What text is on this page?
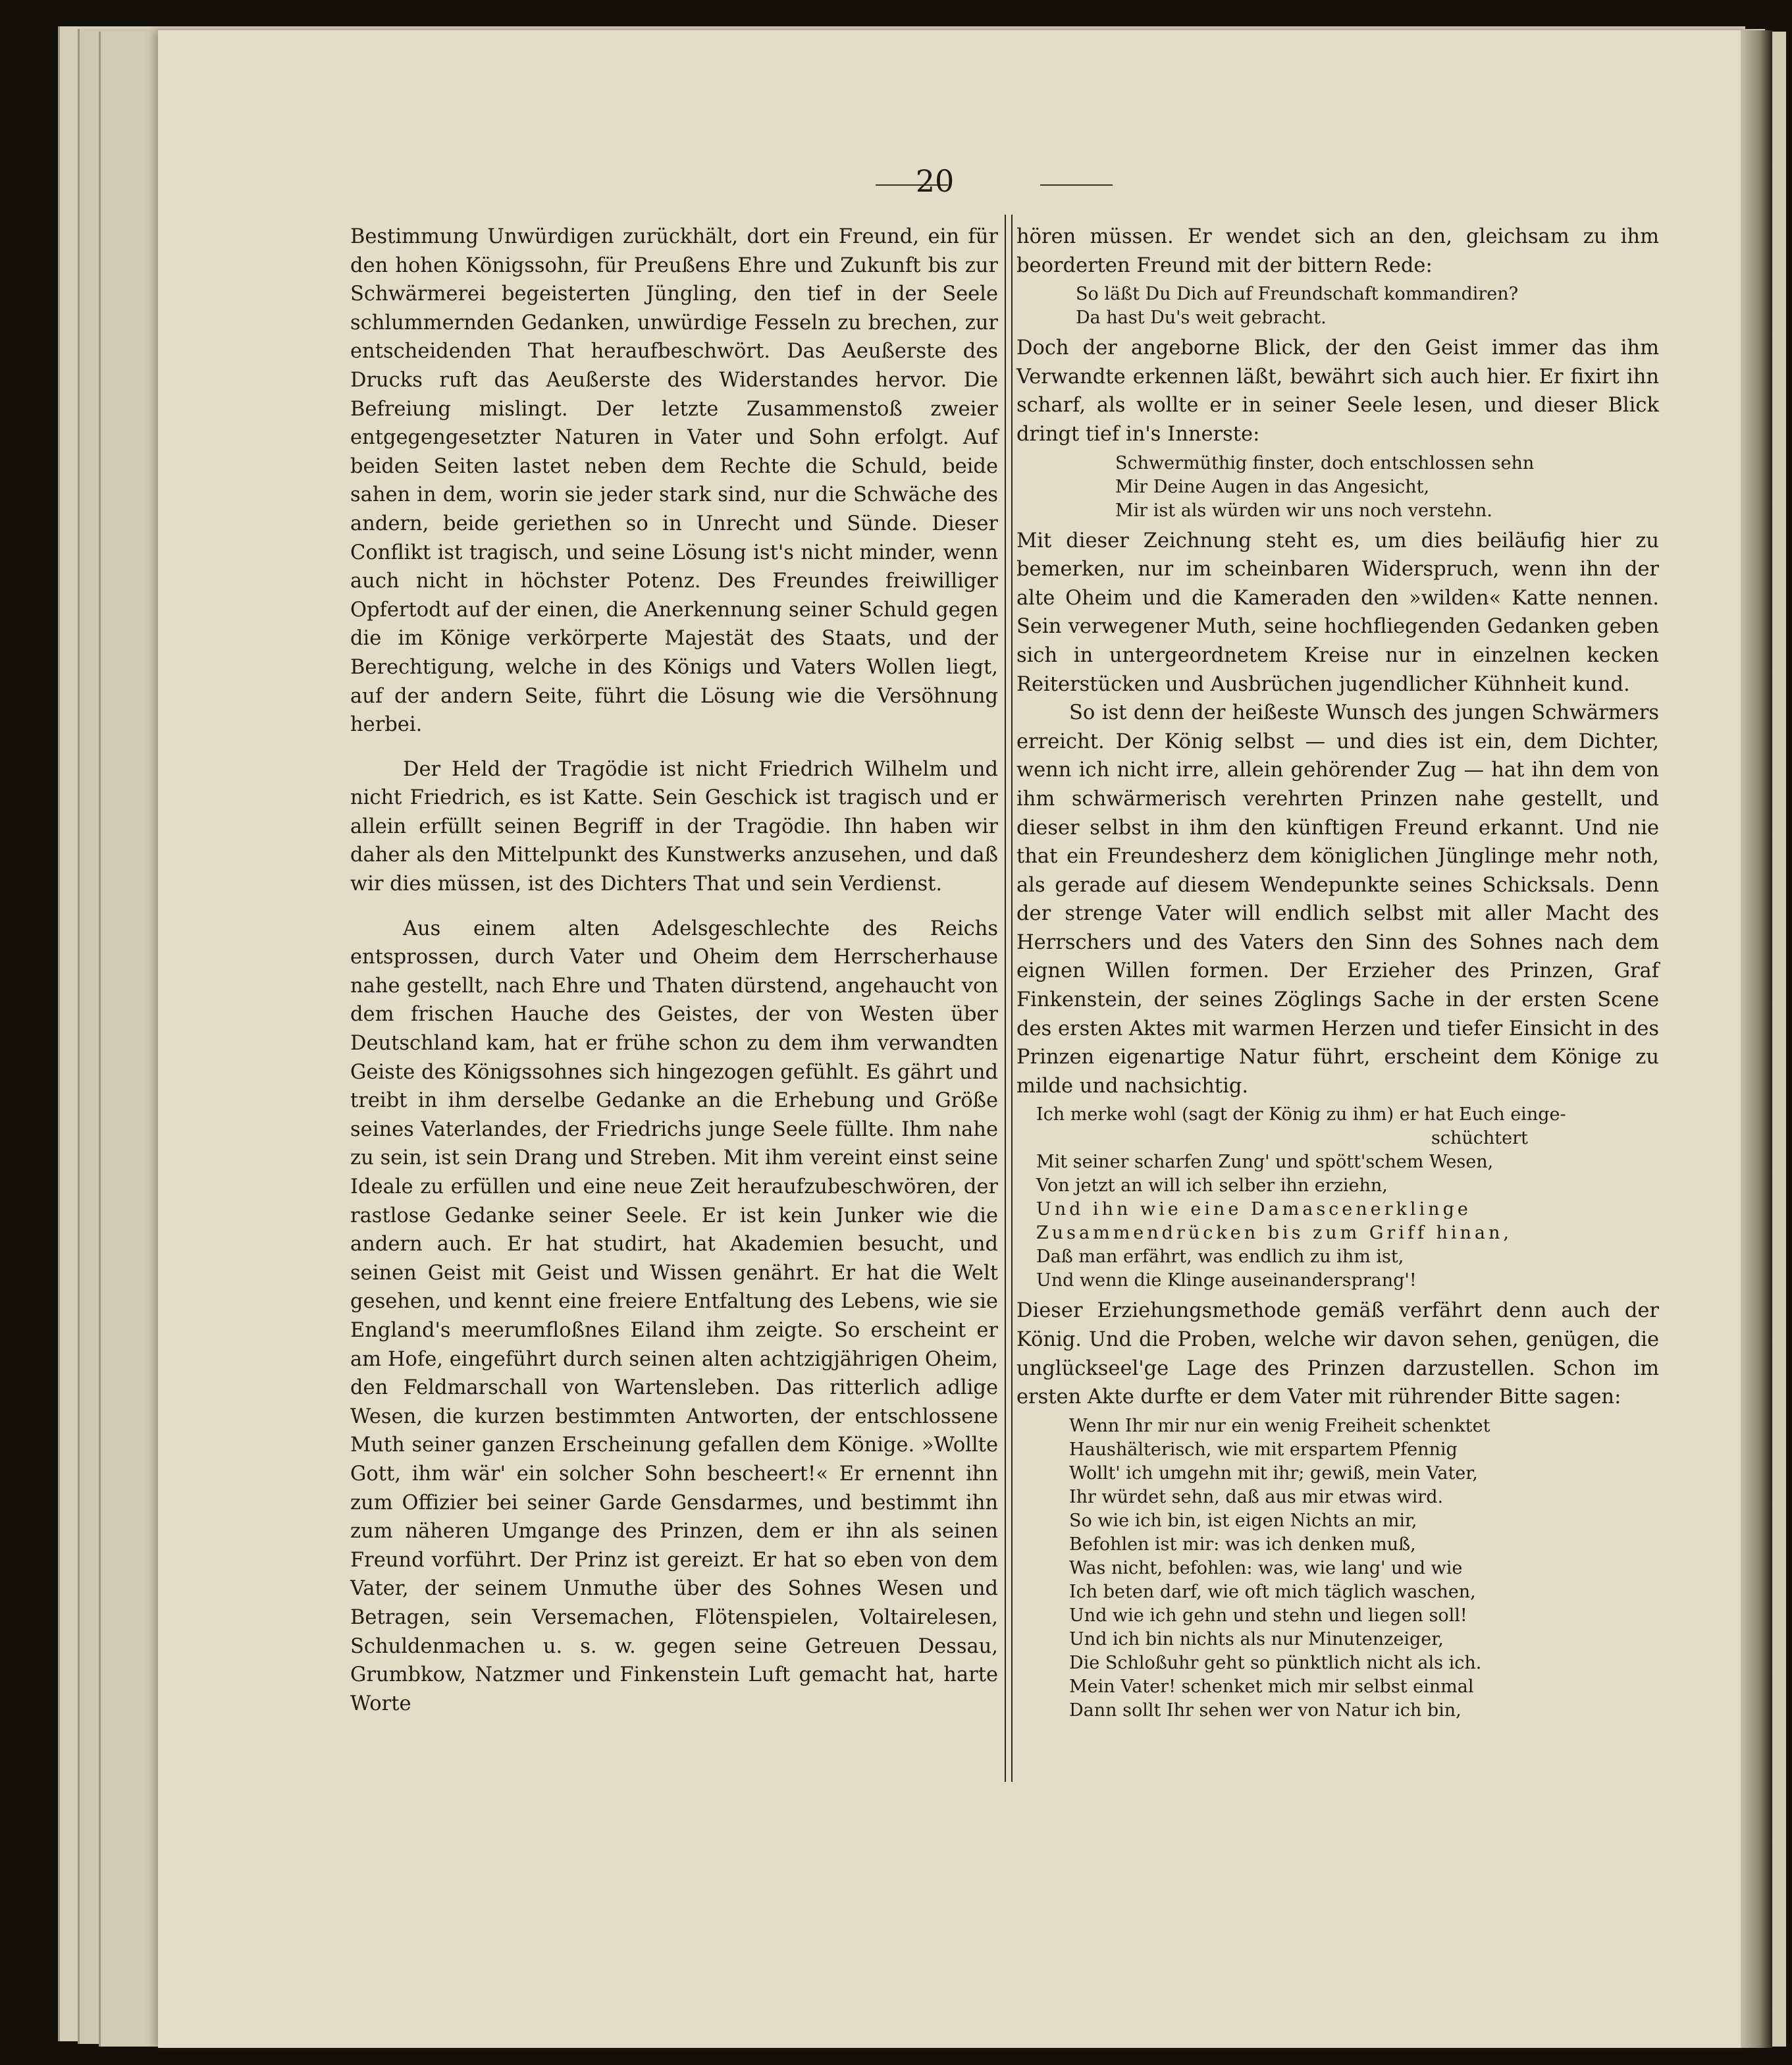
20

Bestimmung Unwürdigen zurückhält, dort ein Freund, ein für den hohen Königssohn, für Preußens Ehre und Zukunft bis zur Schwärmerei begeisterten Jüngling, den tief in der Seele schlummernden Gedanken, unwürdige Fesseln zu brechen, zur entscheidenden That heraufbeschwört. Das Aeußerste des Drucks ruft das Aeußerste des Widerstandes hervor. Die Befreiung mislingt. Der letzte Zusammenstoß zweier entgegengesetzter Naturen in Vater und Sohn erfolgt. Auf beiden Seiten lastet neben dem Rechte die Schuld, beide sahen in dem, worin sie jeder stark sind, nur die Schwäche des andern, beide geriethen so in Unrecht und Sünde. Dieser Conflikt ist tragisch, und seine Lösung ist's nicht minder, wenn auch nicht in höchster Potenz. Des Freundes freiwilliger Opfertodt auf der einen, die Anerkennung seiner Schuld gegen die im Könige verkörperte Majestät des Staats, und der Berechtigung, welche in des Königs und Vaters Wollen liegt, auf der andern Seite, führt die Lösung wie die Versöhnung herbei.

Der Held der Tragödie ist nicht Friedrich Wilhelm und nicht Friedrich, es ist Katte. Sein Geschick ist tragisch und er allein erfüllt seinen Begriff in der Tragödie. Ihn haben wir daher als den Mittelpunkt des Kunstwerks anzusehen, und daß wir dies müssen, ist des Dichters That und sein Verdienst.

Aus einem alten Adelsgeschlechte des Reichs entsprossen, durch Vater und Oheim dem Herrscherhause nahe gestellt, nach Ehre und Thaten dürstend, angehaucht von dem frischen Hauche des Geistes, der von Westen über Deutschland kam, hat er frühe schon zu dem ihm verwandten Geiste des Königssohnes sich hingezogen gefühlt. Es gährt und treibt in ihm derselbe Gedanke an die Erhebung und Größe seines Vaterlandes, der Friedrichs junge Seele füllte. Ihm nahe zu sein, ist sein Drang und Streben. Mit ihm vereint einst seine Ideale zu erfüllen und eine neue Zeit heraufzubeschwören, der rastlose Gedanke seiner Seele. Er ist kein Junker wie die andern auch. Er hat studirt, hat Akademien besucht, und seinen Geist mit Geist und Wissen genährt. Er hat die Welt gesehen, und kennt eine freiere Entfaltung des Lebens, wie sie England's meerumfloßnes Eiland ihm zeigte. So erscheint er am Hofe, eingeführt durch seinen alten achtzigjährigen Oheim, den Feldmarschall von Wartensleben. Das ritterlich adlige Wesen, die kurzen bestimmten Antworten, der entschlossene Muth seiner ganzen Erscheinung gefallen dem Könige. »Wollte Gott, ihm wär' ein solcher Sohn bescheert!« Er ernennt ihn zum Offizier bei seiner Garde Gensdarmes, und bestimmt ihn zum näheren Umgange des Prinzen, dem er ihn als seinen Freund vorführt. Der Prinz ist gereizt. Er hat so eben von dem Vater, der seinem Unmuthe über des Sohnes Wesen und Betragen, sein Versemachen, Flötenspielen, Voltairelesen, Schuldenmachen u. s. w. gegen seine Getreuen Dessau, Grumbkow, Natzmer und Finkenstein Luft gemacht hat, harte Worte

hören müssen. Er wendet sich an den, gleichsam zu ihm beorderten Freund mit der bittern Rede:

So läßt Du Dich auf Freundschaft kommandiren?
Da hast Du's weit gebracht.

Doch der angeborne Blick, der den Geist immer das ihm Verwandte erkennen läßt, bewährt sich auch hier. Er fixirt ihn scharf, als wollte er in seiner Seele lesen, und dieser Blick dringt tief in's Innerste:

Schwermüthig finster, doch entschlossen sehn
Mir Deine Augen in das Angesicht,
Mir ist als würden wir uns noch verstehn.

Mit dieser Zeichnung steht es, um dies beiläufig hier zu bemerken, nur im scheinbaren Widerspruch, wenn ihn der alte Oheim und die Kameraden den »wilden« Katte nennen. Sein verwegener Muth, seine hochfliegenden Gedanken geben sich in untergeordnetem Kreise nur in einzelnen kecken Reiterstücken und Ausbrüchen jugendlicher Kühnheit kund.

So ist denn der heißeste Wunsch des jungen Schwärmers erreicht. Der König selbst — und dies ist ein, dem Dichter, wenn ich nicht irre, allein gehörender Zug — hat ihn dem von ihm schwärmerisch verehrten Prinzen nahe gestellt, und dieser selbst in ihm den künftigen Freund erkannt. Und nie that ein Freundesherz dem königlichen Jünglinge mehr noth, als gerade auf diesem Wendepunkte seines Schicksals. Denn der strenge Vater will endlich selbst mit aller Macht des Herrschers und des Vaters den Sinn des Sohnes nach dem eignen Willen formen. Der Erzieher des Prinzen, Graf Finkenstein, der seines Zöglings Sache in der ersten Scene des ersten Aktes mit warmen Herzen und tiefer Einsicht in des Prinzen eigenartige Natur führt, erscheint dem Könige zu milde und nachsichtig.

Ich merke wohl (sagt der König zu ihm) er hat Euch einge-
schüchtert
Mit seiner scharfen Zung' und spött'schem Wesen,
Von jetzt an will ich selber ihn erziehn,
Und ihn wie eine Damascenerklinge
Zusammendrücken bis zum Griff hinan,
Daß man erfährt, was endlich zu ihm ist,
Und wenn die Klinge auseinandersprang'!

Dieser Erziehungsmethode gemäß verfährt denn auch der König. Und die Proben, welche wir davon sehen, genügen, die unglückseel'ge Lage des Prinzen darzustellen. Schon im ersten Akte durfte er dem Vater mit rührender Bitte sagen:

Wenn Ihr mir nur ein wenig Freiheit schenktet
Haushälterisch, wie mit erspartem Pfennig
Wollt' ich umgehn mit ihr; gewiß, mein Vater,
Ihr würdet sehn, daß aus mir etwas wird.
So wie ich bin, ist eigen Nichts an mir,
Befohlen ist mir: was ich denken muß,
Was nicht, befohlen: was, wie lang' und wie
Ich beten darf, wie oft mich täglich waschen,
Und wie ich gehn und stehn und liegen soll!
Und ich bin nichts als nur Minutenzeiger,
Die Schloßuhr geht so pünktlich nicht als ich.
Mein Vater! schenket mich mir selbst einmal
Dann sollt Ihr sehen wer von Natur ich bin,
